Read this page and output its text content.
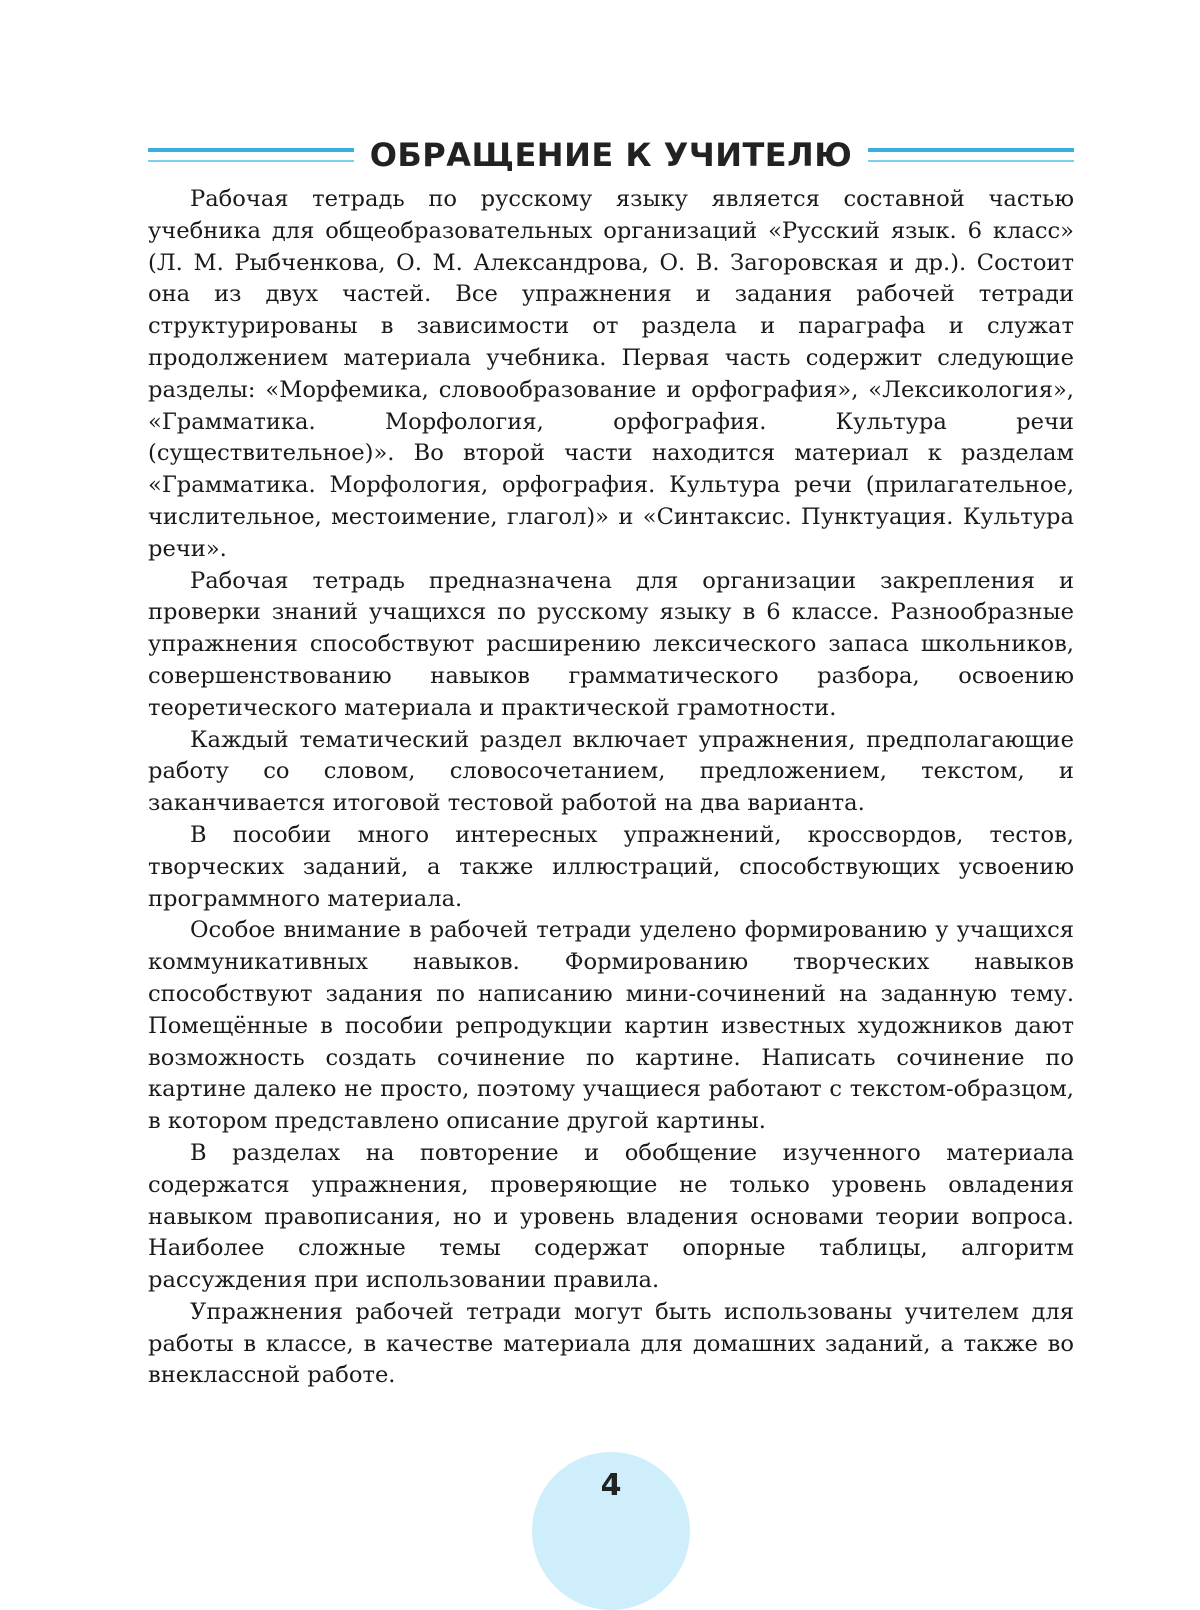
ОБРАЩЕНИЕ К УЧИТЕЛЮ

Рабочая тетрадь по русскому языку является составной частью учебника для общеобразовательных организаций «Русский язык. 6 класс» (Л. М. Рыбченкова, О. М. Александрова, О. В. Загоровская и др.). Состоит она из двух частей. Все упражнения и задания рабочей тетради структурированы в зависимости от раздела и параграфа и служат продолжением материала учебника. Первая часть содержит следующие разделы: «Морфемика, словообразование и орфография», «Лексикология», «Грамматика. Морфология, орфография. Культура речи (существительное)». Во второй части находится материал к разделам «Грамматика. Морфология, орфография. Культура речи (прилагательное, числительное, местоимение, глагол)» и «Синтаксис. Пунктуация. Культура речи».

Рабочая тетрадь предназначена для организации закрепления и проверки знаний учащихся по русскому языку в 6 классе. Разнообразные упражнения способствуют расширению лексического запаса школьников, совершенствованию навыков грамматического разбора, освоению теоретического материала и практической грамотности.

Каждый тематический раздел включает упражнения, предполагающие работу со словом, словосочетанием, предложением, текстом, и заканчивается итоговой тестовой работой на два варианта.

В пособии много интересных упражнений, кроссвордов, тестов, творческих заданий, а также иллюстраций, способствующих усвоению программного материала.

Особое внимание в рабочей тетради уделено формированию у учащихся коммуникативных навыков. Формированию творческих навыков способствуют задания по написанию мини-сочинений на заданную тему. Помещённые в пособии репродукции картин известных художников дают возможность создать сочинение по картине. Написать сочинение по картине далеко не просто, поэтому учащиеся работают с текстом-образцом, в котором представлено описание другой картины.

В разделах на повторение и обобщение изученного материала содержатся упражнения, проверяющие не только уровень овладения навыком правописания, но и уровень владения основами теории вопроса. Наиболее сложные темы содержат опорные таблицы, алгоритм рассуждения при использовании правила.

Упражнения рабочей тетради могут быть использованы учителем для работы в классе, в качестве материала для домашних заданий, а также во внеклассной работе.

4
